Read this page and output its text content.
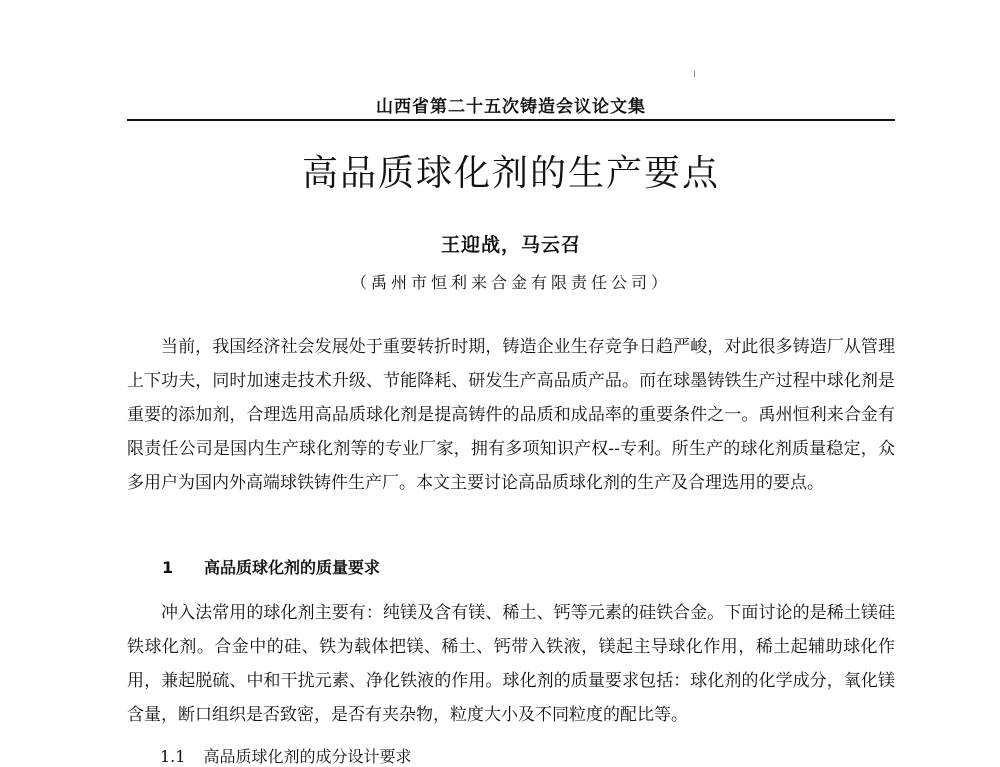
山西省第二十五次铸造会议论文集
高品质球化剂的生产要点
王迎战，马云召
（禹州市恒利来合金有限责任公司）

当前，我国经济社会发展处于重要转折时期，铸造企业生存竞争日趋严峻，对此很多铸造厂从管理上下功夫，同时加速走技术升级、节能降耗、研发生产高品质产品。而在球墨铸铁生产过程中球化剂是重要的添加剂，合理选用高品质球化剂是提高铸件的品质和成品率的重要条件之一。禹州恒利来合金有限责任公司是国内生产球化剂等的专业厂家，拥有多项知识产权--专利。所生产的球化剂质量稳定，众多用户为国内外高端球铁铸件生产厂。本文主要讨论高品质球化剂的生产及合理选用的要点。

1 高品质球化剂的质量要求

冲入法常用的球化剂主要有：纯镁及含有镁、稀土、钙等元素的硅铁合金。下面讨论的是稀土镁硅铁球化剂。合金中的硅、铁为载体把镁、稀土、钙带入铁液，镁起主导球化作用，稀土起辅助球化作用，兼起脱硫、中和干扰元素、净化铁液的作用。球化剂的质量要求包括：球化剂的化学成分，氧化镁含量，断口组织是否致密，是否有夹杂物，粒度大小及不同粒度的配比等。

1.1 高品质球化剂的成分设计要求
